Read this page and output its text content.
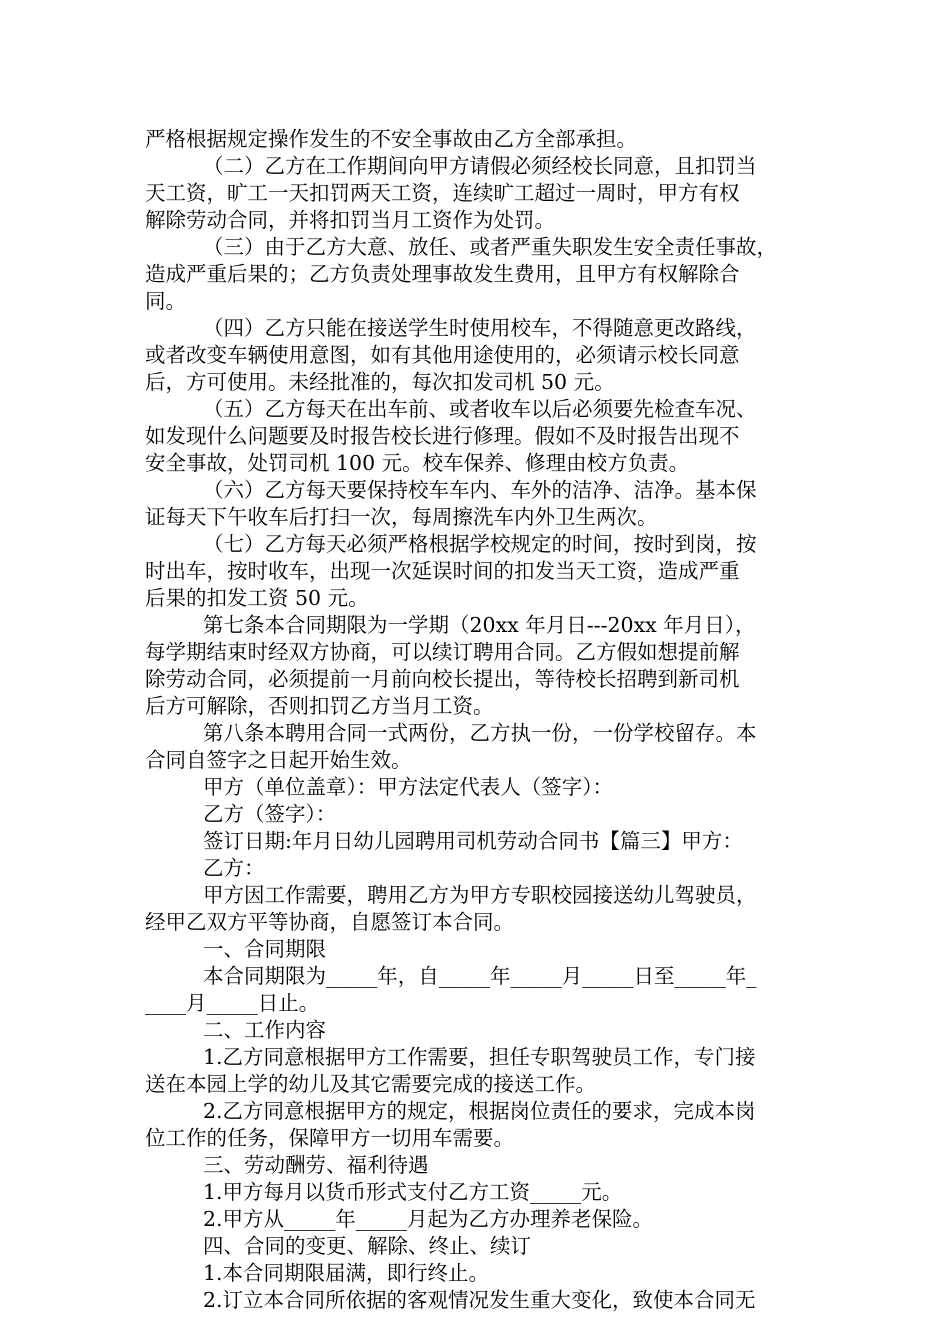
严格根据规定操作发生的不安全事故由乙方全部承担。
（二）乙方在工作期间向甲方请假必须经校长同意，且扣罚当
天工资，旷工一天扣罚两天工资，连续旷工超过一周时，甲方有权
解除劳动合同，并将扣罚当月工资作为处罚。
（三）由于乙方大意、放任、或者严重失职发生安全责任事故，
造成严重后果的；乙方负责处理事故发生费用，且甲方有权解除合
同。
（四）乙方只能在接送学生时使用校车，不得随意更改路线，
或者改变车辆使用意图，如有其他用途使用的，必须请示校长同意
后，方可使用。未经批准的，每次扣发司机 50 元。
（五）乙方每天在出车前、或者收车以后必须要先检查车况、
如发现什么问题要及时报告校长进行修理。假如不及时报告出现不
安全事故，处罚司机 100 元。校车保养、修理由校方负责。
（六）乙方每天要保持校车车内、车外的洁净、洁净。基本保
证每天下午收车后打扫一次，每周擦洗车内外卫生两次。
（七）乙方每天必须严格根据学校规定的时间，按时到岗，按
时出车，按时收车，出现一次延误时间的扣发当天工资，造成严重
后果的扣发工资 50 元。
第七条本合同期限为一学期（20xx 年月日---20xx 年月日），
每学期结束时经双方协商，可以续订聘用合同。乙方假如想提前解
除劳动合同，必须提前一月前向校长提出，等待校长招聘到新司机
后方可解除，否则扣罚乙方当月工资。
第八条本聘用合同一式两份，乙方执一份，一份学校留存。本
合同自签字之日起开始生效。
甲方（单位盖章）：甲方法定代表人（签字）：
乙方（签字）：
签订日期:年月日幼儿园聘用司机劳动合同书【篇三】甲方：
乙方：
甲方因工作需要，聘用乙方为甲方专职校园接送幼儿驾驶员，
经甲乙双方平等协商，自愿签订本合同。
一、合同期限
本合同期限为_____年，自_____年_____月_____日至_____年_
____月_____日止。
二、工作内容
1.乙方同意根据甲方工作需要，担任专职驾驶员工作，专门接
送在本园上学的幼儿及其它需要完成的接送工作。
2.乙方同意根据甲方的规定，根据岗位责任的要求，完成本岗
位工作的任务，保障甲方一切用车需要。
三、劳动酬劳、福利待遇
1.甲方每月以货币形式支付乙方工资_____元。
2.甲方从_____年_____月起为乙方办理养老保险。
四、合同的变更、解除、终止、续订
1.本合同期限届满，即行终止。
2.订立本合同所依据的客观情况发生重大变化，致使本合同无
